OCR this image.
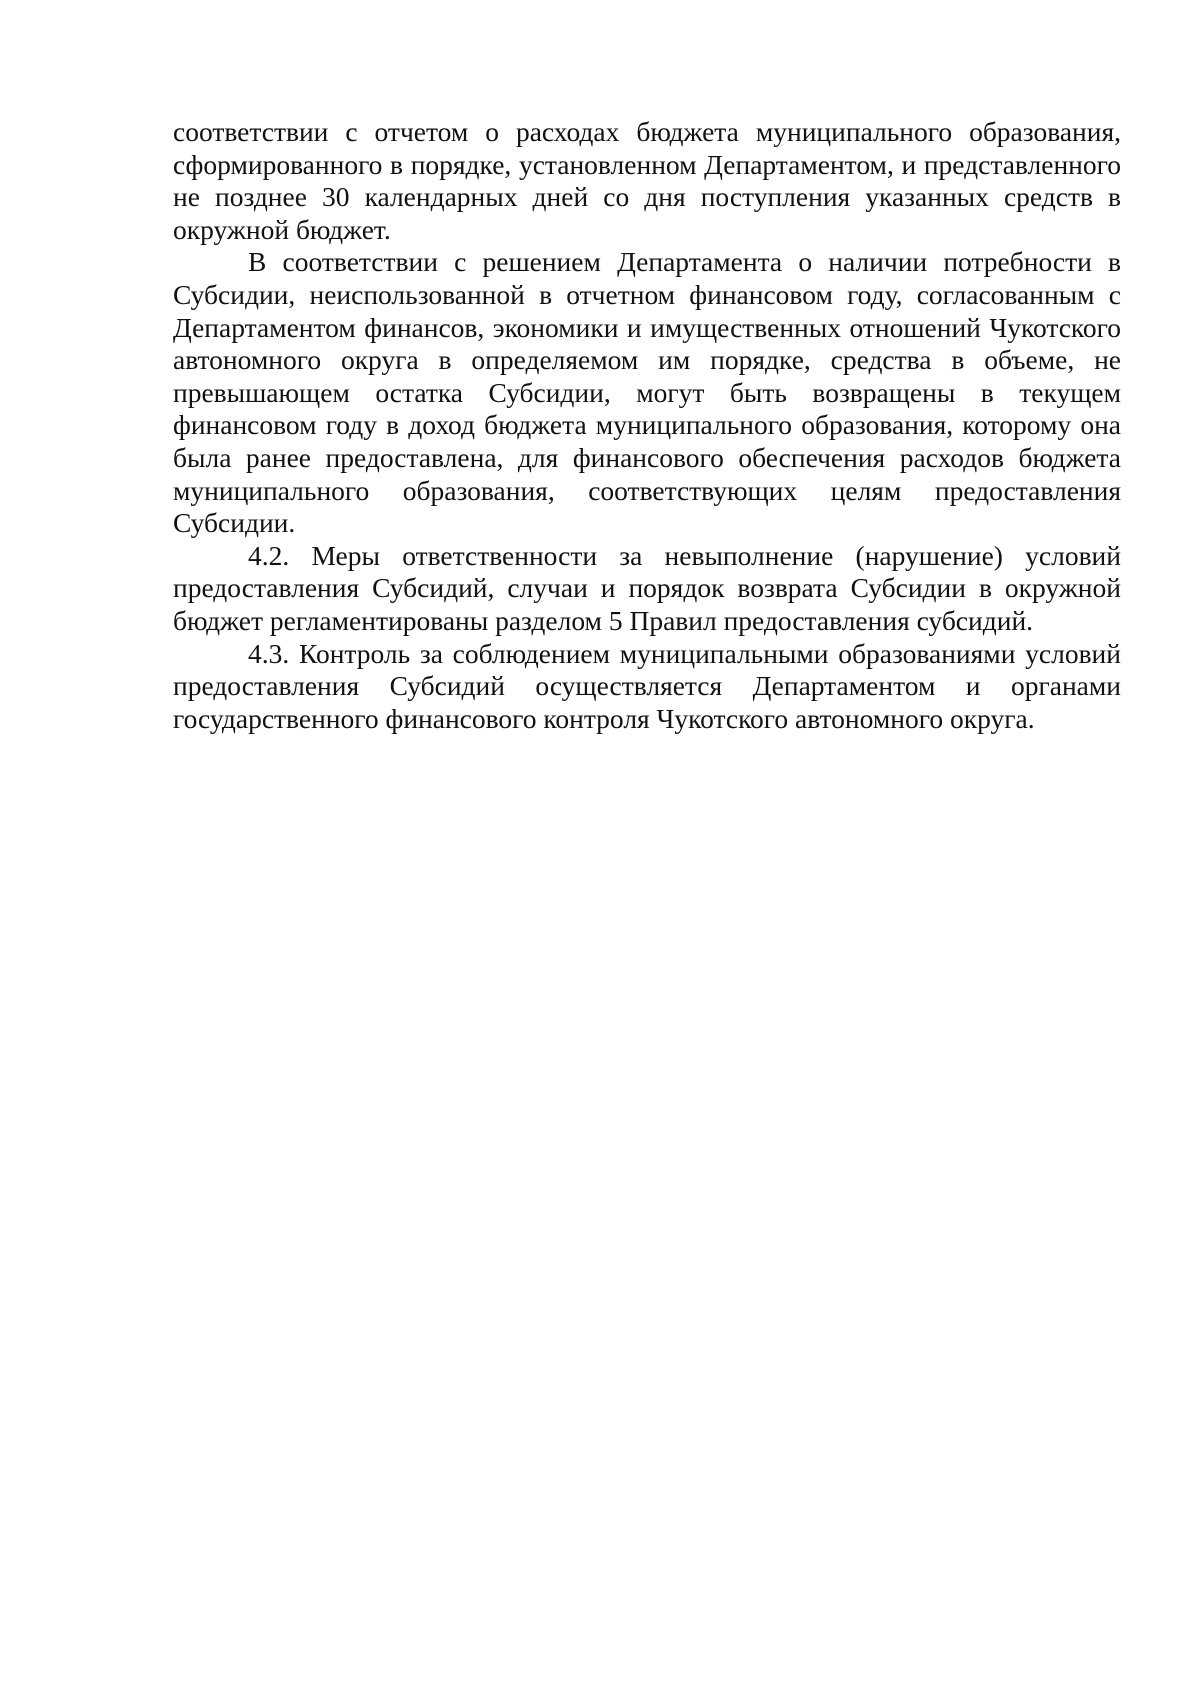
соответствии с отчетом о расходах бюджета муниципального образования, сформированного в порядке, установленном Департаментом, и представленного не позднее 30 календарных дней со дня поступления указанных средств в окружной бюджет.

В соответствии с решением Департамента о наличии потребности в Субсидии, неиспользованной в отчетном финансовом году, согласованным с Департаментом финансов, экономики и имущественных отношений Чукотского автономного округа в определяемом им порядке, средства в объеме, не превышающем остатка Субсидии, могут быть возвращены в текущем финансовом году в доход бюджета муниципального образования, которому она была ранее предоставлена, для финансового обеспечения расходов бюджета муниципального образования, соответствующих целям предоставления Субсидии.

4.2. Меры ответственности за невыполнение (нарушение) условий предоставления Субсидий, случаи и порядок возврата Субсидии в окружной бюджет регламентированы разделом 5 Правил предоставления субсидий.

4.3. Контроль за соблюдением муниципальными образованиями условий предоставления Субсидий осуществляется Департаментом и органами государственного финансового контроля Чукотского автономного округа.
